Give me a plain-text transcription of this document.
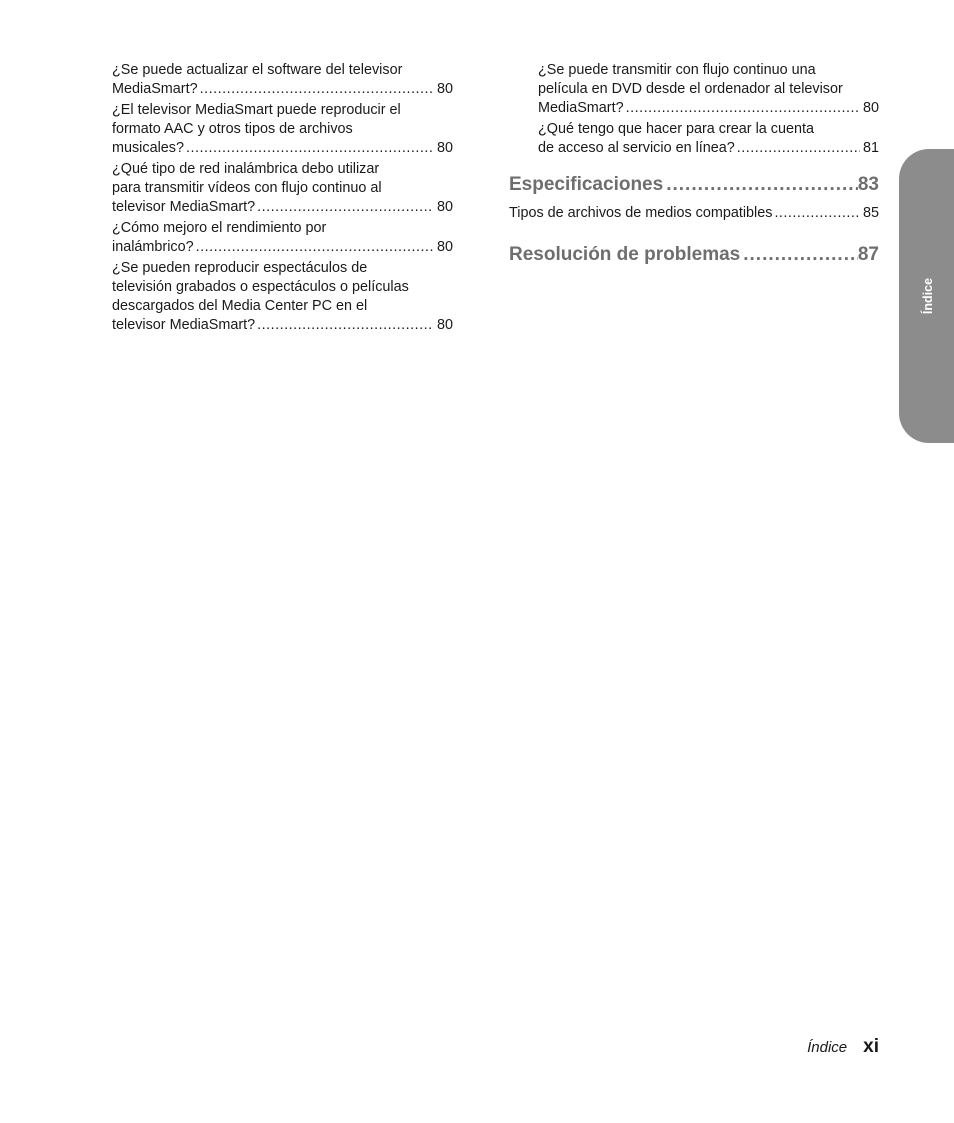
¿Se puede actualizar el software del televisor
MediaSmart? .....	80
¿El televisor MediaSmart puede reproducir el
formato AAC y otros tipos de archivos
musicales? .....	80
¿Qué tipo de red inalámbrica debo utilizar
para transmitir vídeos con flujo continuo al
televisor MediaSmart? .....	80
¿Cómo mejoro el rendimiento por
inalámbrico? .....	80
¿Se pueden reproducir espectáculos de
televisión grabados o espectáculos o películas
descargados del Media Center PC en el
televisor MediaSmart? .....	80
¿Se puede transmitir con flujo continuo una
película en DVD desde el ordenador al televisor
MediaSmart? .....	80
¿Qué tengo que hacer para crear la cuenta
de acceso al servicio en línea? .....	81
Especificaciones .....	83
Tipos de archivos de medios compatibles .....	85
Resolución de problemas .....	87
Índice
Índice xi
